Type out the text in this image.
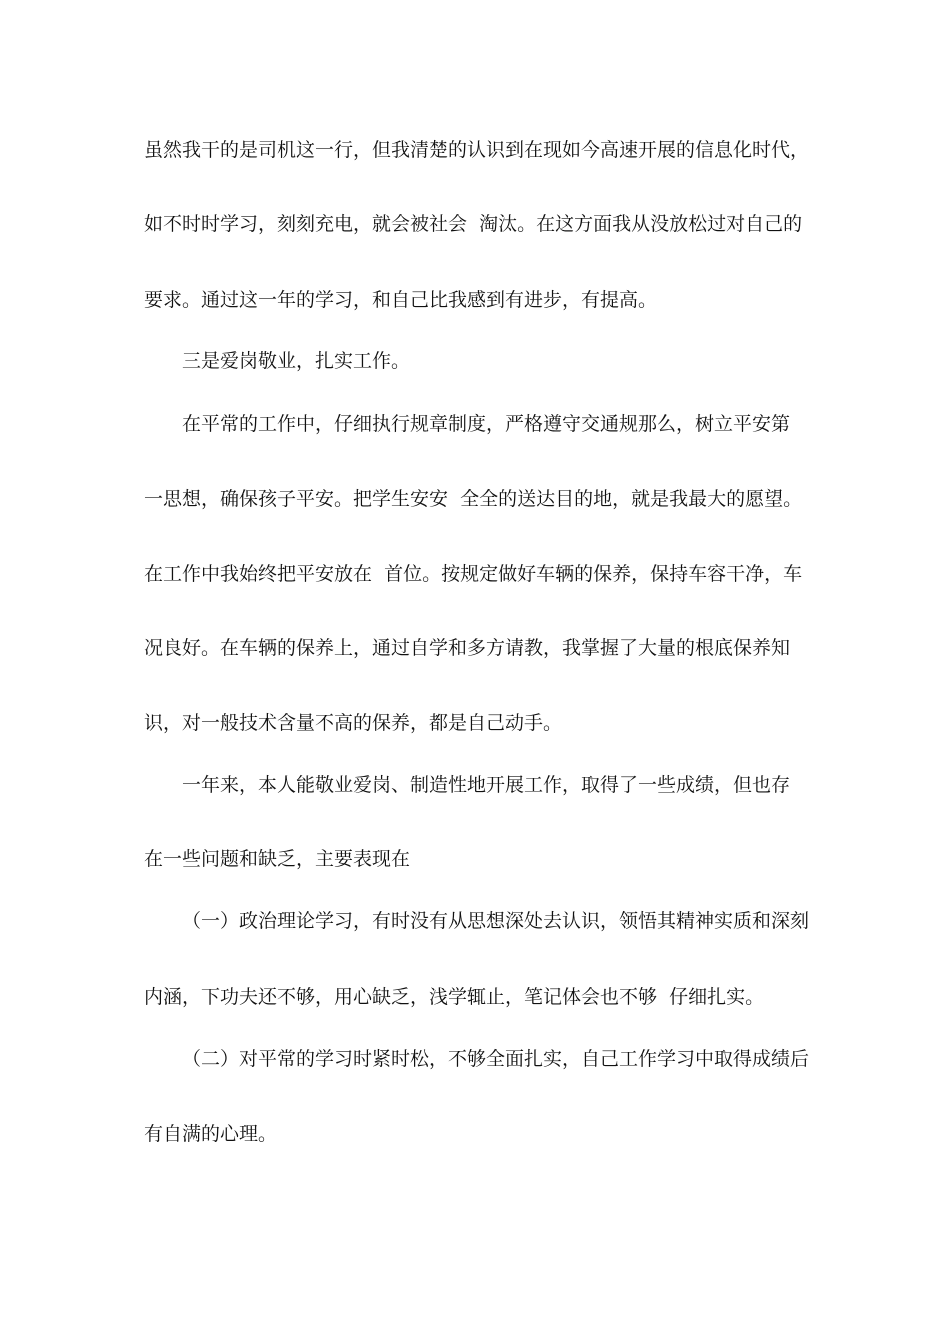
虽然我干的是司机这一行，但我清楚的认识到在现如今高速开展的信息化时代，
如不时时学习，刻刻充电，就会被社会  淘汰。在这方面我从没放松过对自己的
要求。通过这一年的学习，和自己比我感到有进步，有提高。
三是爱岗敬业，扎实工作。
在平常的工作中，仔细执行规章制度，严格遵守交通规那么，树立平安第
一思想，确保孩子平安。把学生安安  全全的送达目的地，就是我最大的愿望。
在工作中我始终把平安放在  首位。按规定做好车辆的保养，保持车容干净，车
况良好。在车辆的保养上，通过自学和多方请教，我掌握了大量的根底保养知
识，对一般技术含量不高的保养，都是自己动手。
一年来，本人能敬业爱岗、制造性地开展工作，取得了一些成绩，但也存
在一些问题和缺乏，主要表现在
（一）政治理论学习，有时没有从思想深处去认识，领悟其精神实质和深刻
内涵，下功夫还不够，用心缺乏，浅学辄止，笔记体会也不够  仔细扎实。
（二）对平常的学习时紧时松，不够全面扎实，自己工作学习中取得成绩后
有自满的心理。
